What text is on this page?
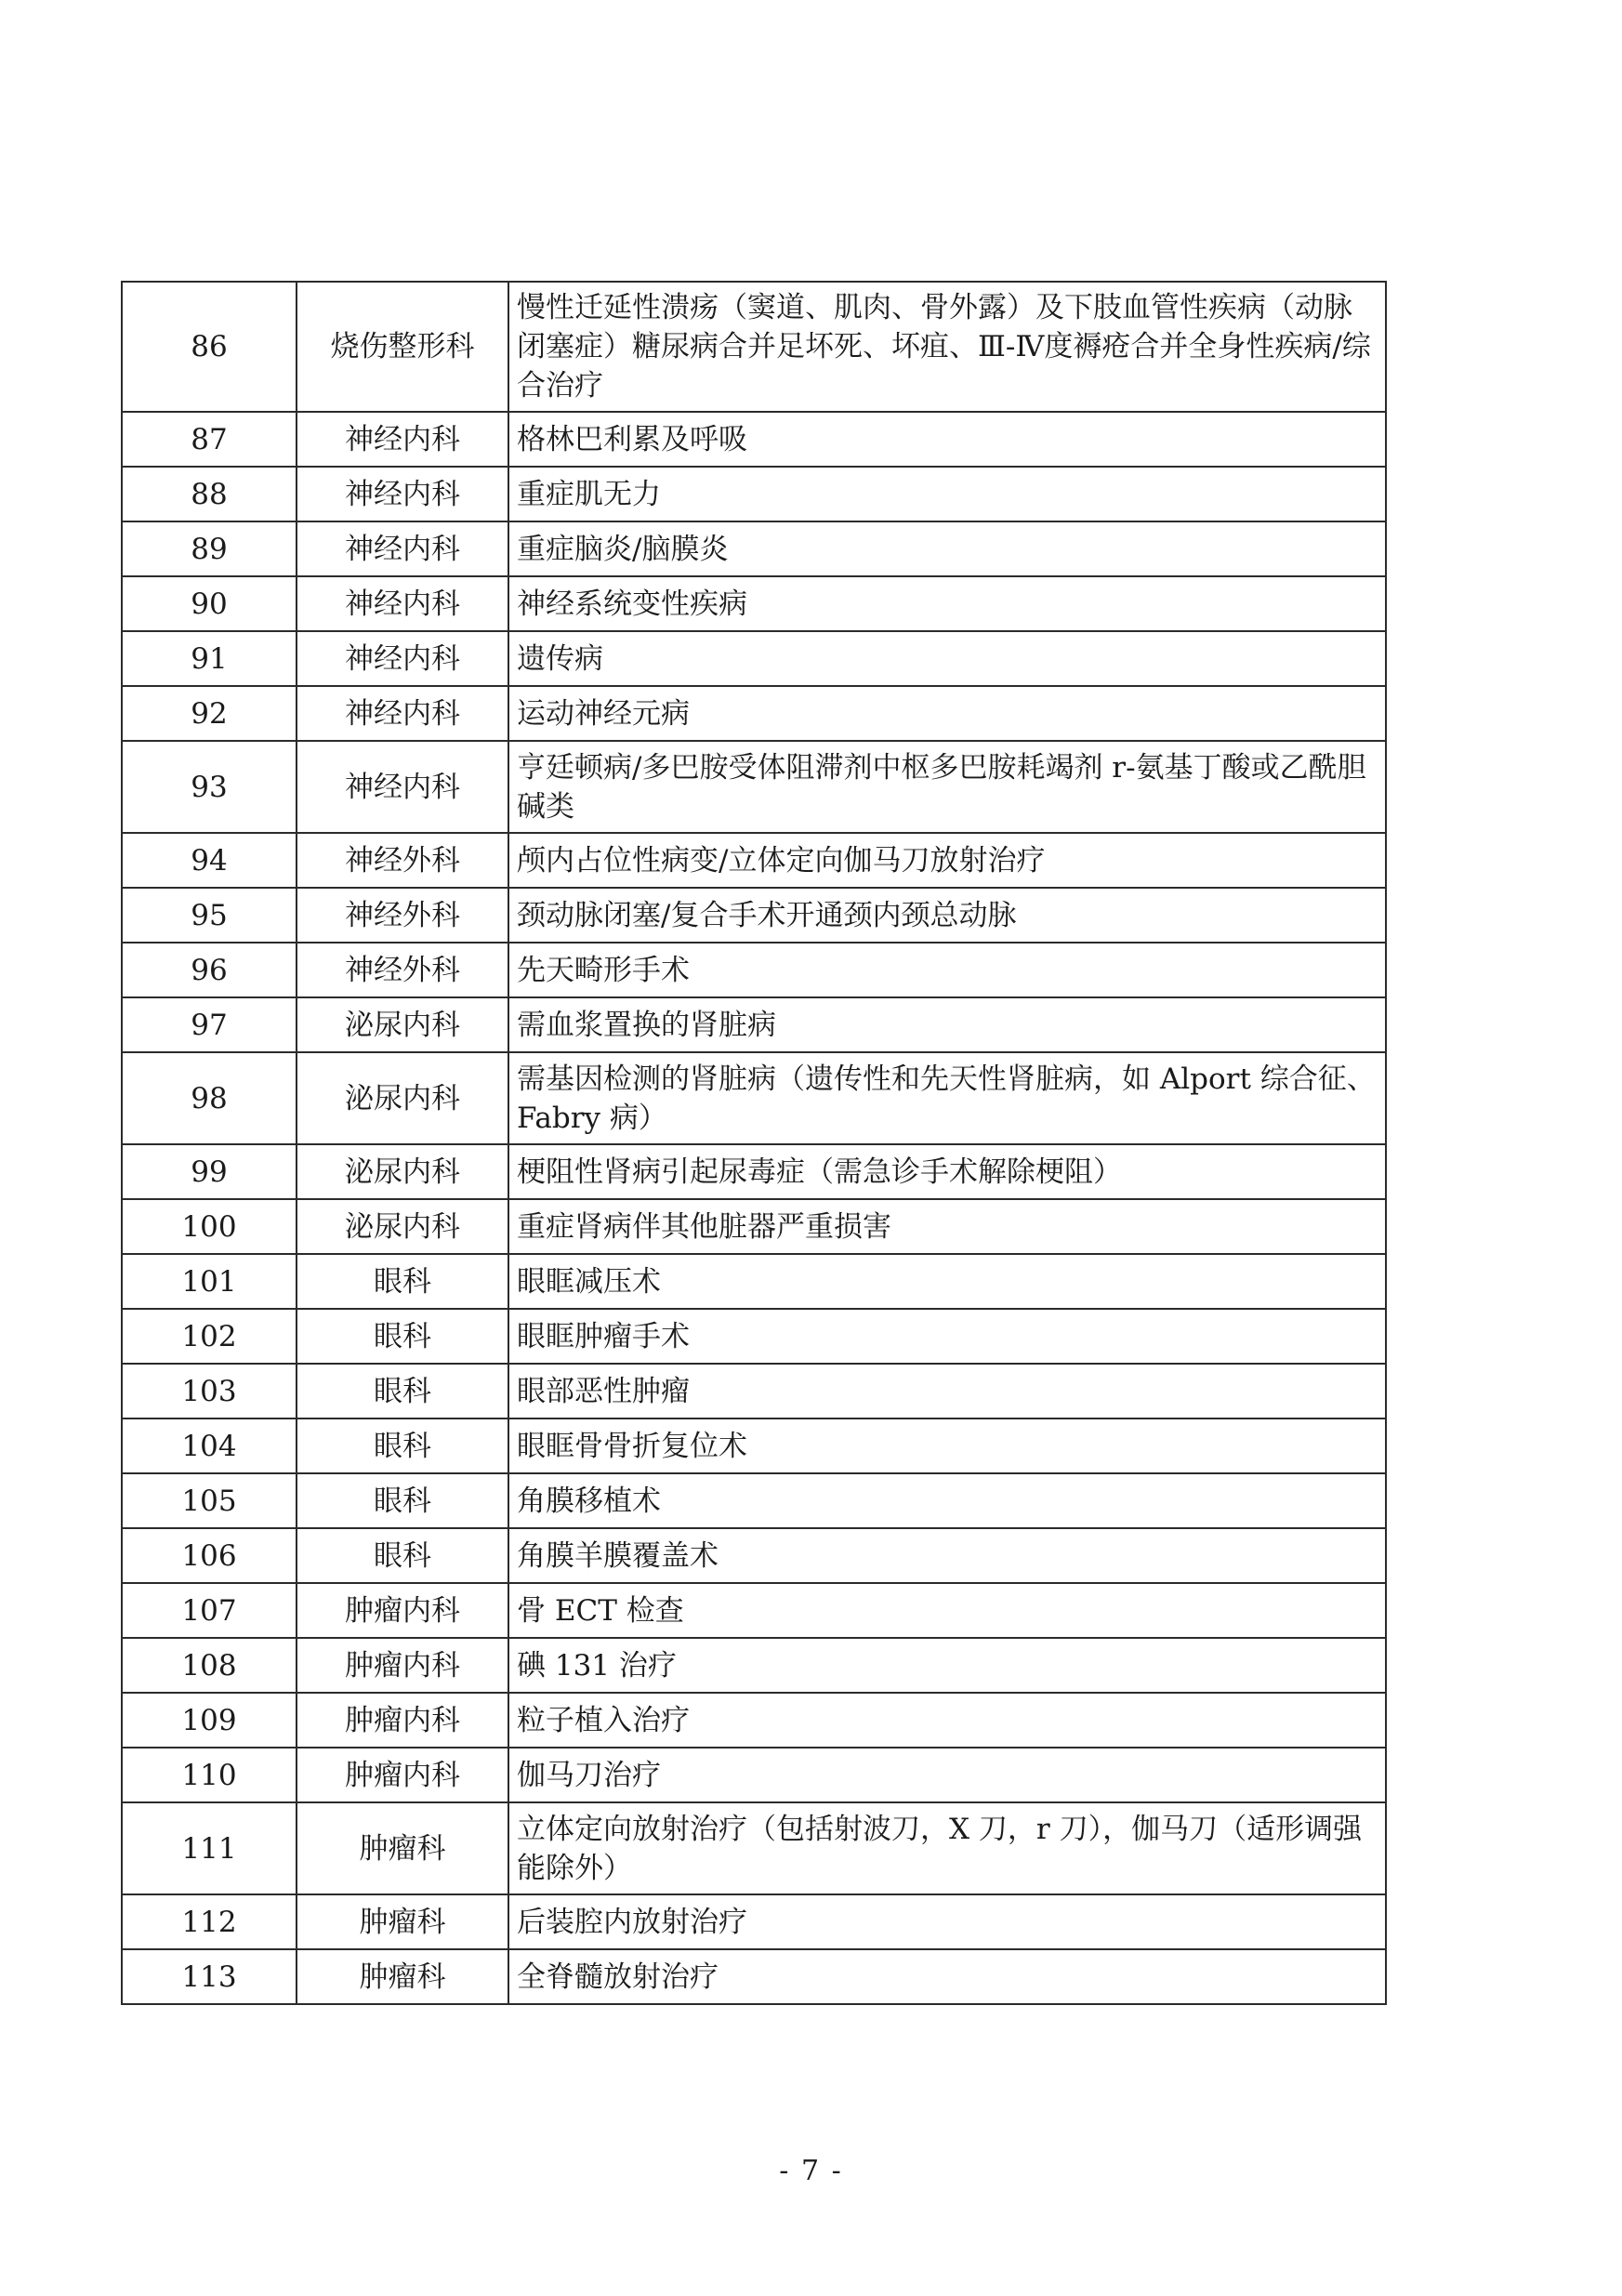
86	烧伤整形科	慢性迁延性溃疡（窦道、肌肉、骨外露）及下肢血管性疾病（动脉闭塞症）糖尿病合并足坏死、坏疽、Ⅲ-Ⅳ度褥疮合并全身性疾病/综合治疗
87	神经内科	格林巴利累及呼吸
88	神经内科	重症肌无力
89	神经内科	重症脑炎/脑膜炎
90	神经内科	神经系统变性疾病
91	神经内科	遗传病
92	神经内科	运动神经元病
93	神经内科	亨廷顿病/多巴胺受体阻滞剂中枢多巴胺耗竭剂 r-氨基丁酸或乙酰胆碱类
94	神经外科	颅内占位性病变/立体定向伽马刀放射治疗
95	神经外科	颈动脉闭塞/复合手术开通颈内颈总动脉
96	神经外科	先天畸形手术
97	泌尿内科	需血浆置换的肾脏病
98	泌尿内科	需基因检测的肾脏病（遗传性和先天性肾脏病，如 Alport 综合征、Fabry 病）
99	泌尿内科	梗阻性肾病引起尿毒症（需急诊手术解除梗阻）
100	泌尿内科	重症肾病伴其他脏器严重损害
101	眼科	眼眶减压术
102	眼科	眼眶肿瘤手术
103	眼科	眼部恶性肿瘤
104	眼科	眼眶骨骨折复位术
105	眼科	角膜移植术
106	眼科	角膜羊膜覆盖术
107	肿瘤内科	骨 ECT 检查
108	肿瘤内科	碘 131 治疗
109	肿瘤内科	粒子植入治疗
110	肿瘤内科	伽马刀治疗
111	肿瘤科	立体定向放射治疗（包括射波刀，X 刀，r 刀），伽马刀（适形调强能除外）
112	肿瘤科	后装腔内放射治疗
113	肿瘤科	全脊髓放射治疗
- 7 -
